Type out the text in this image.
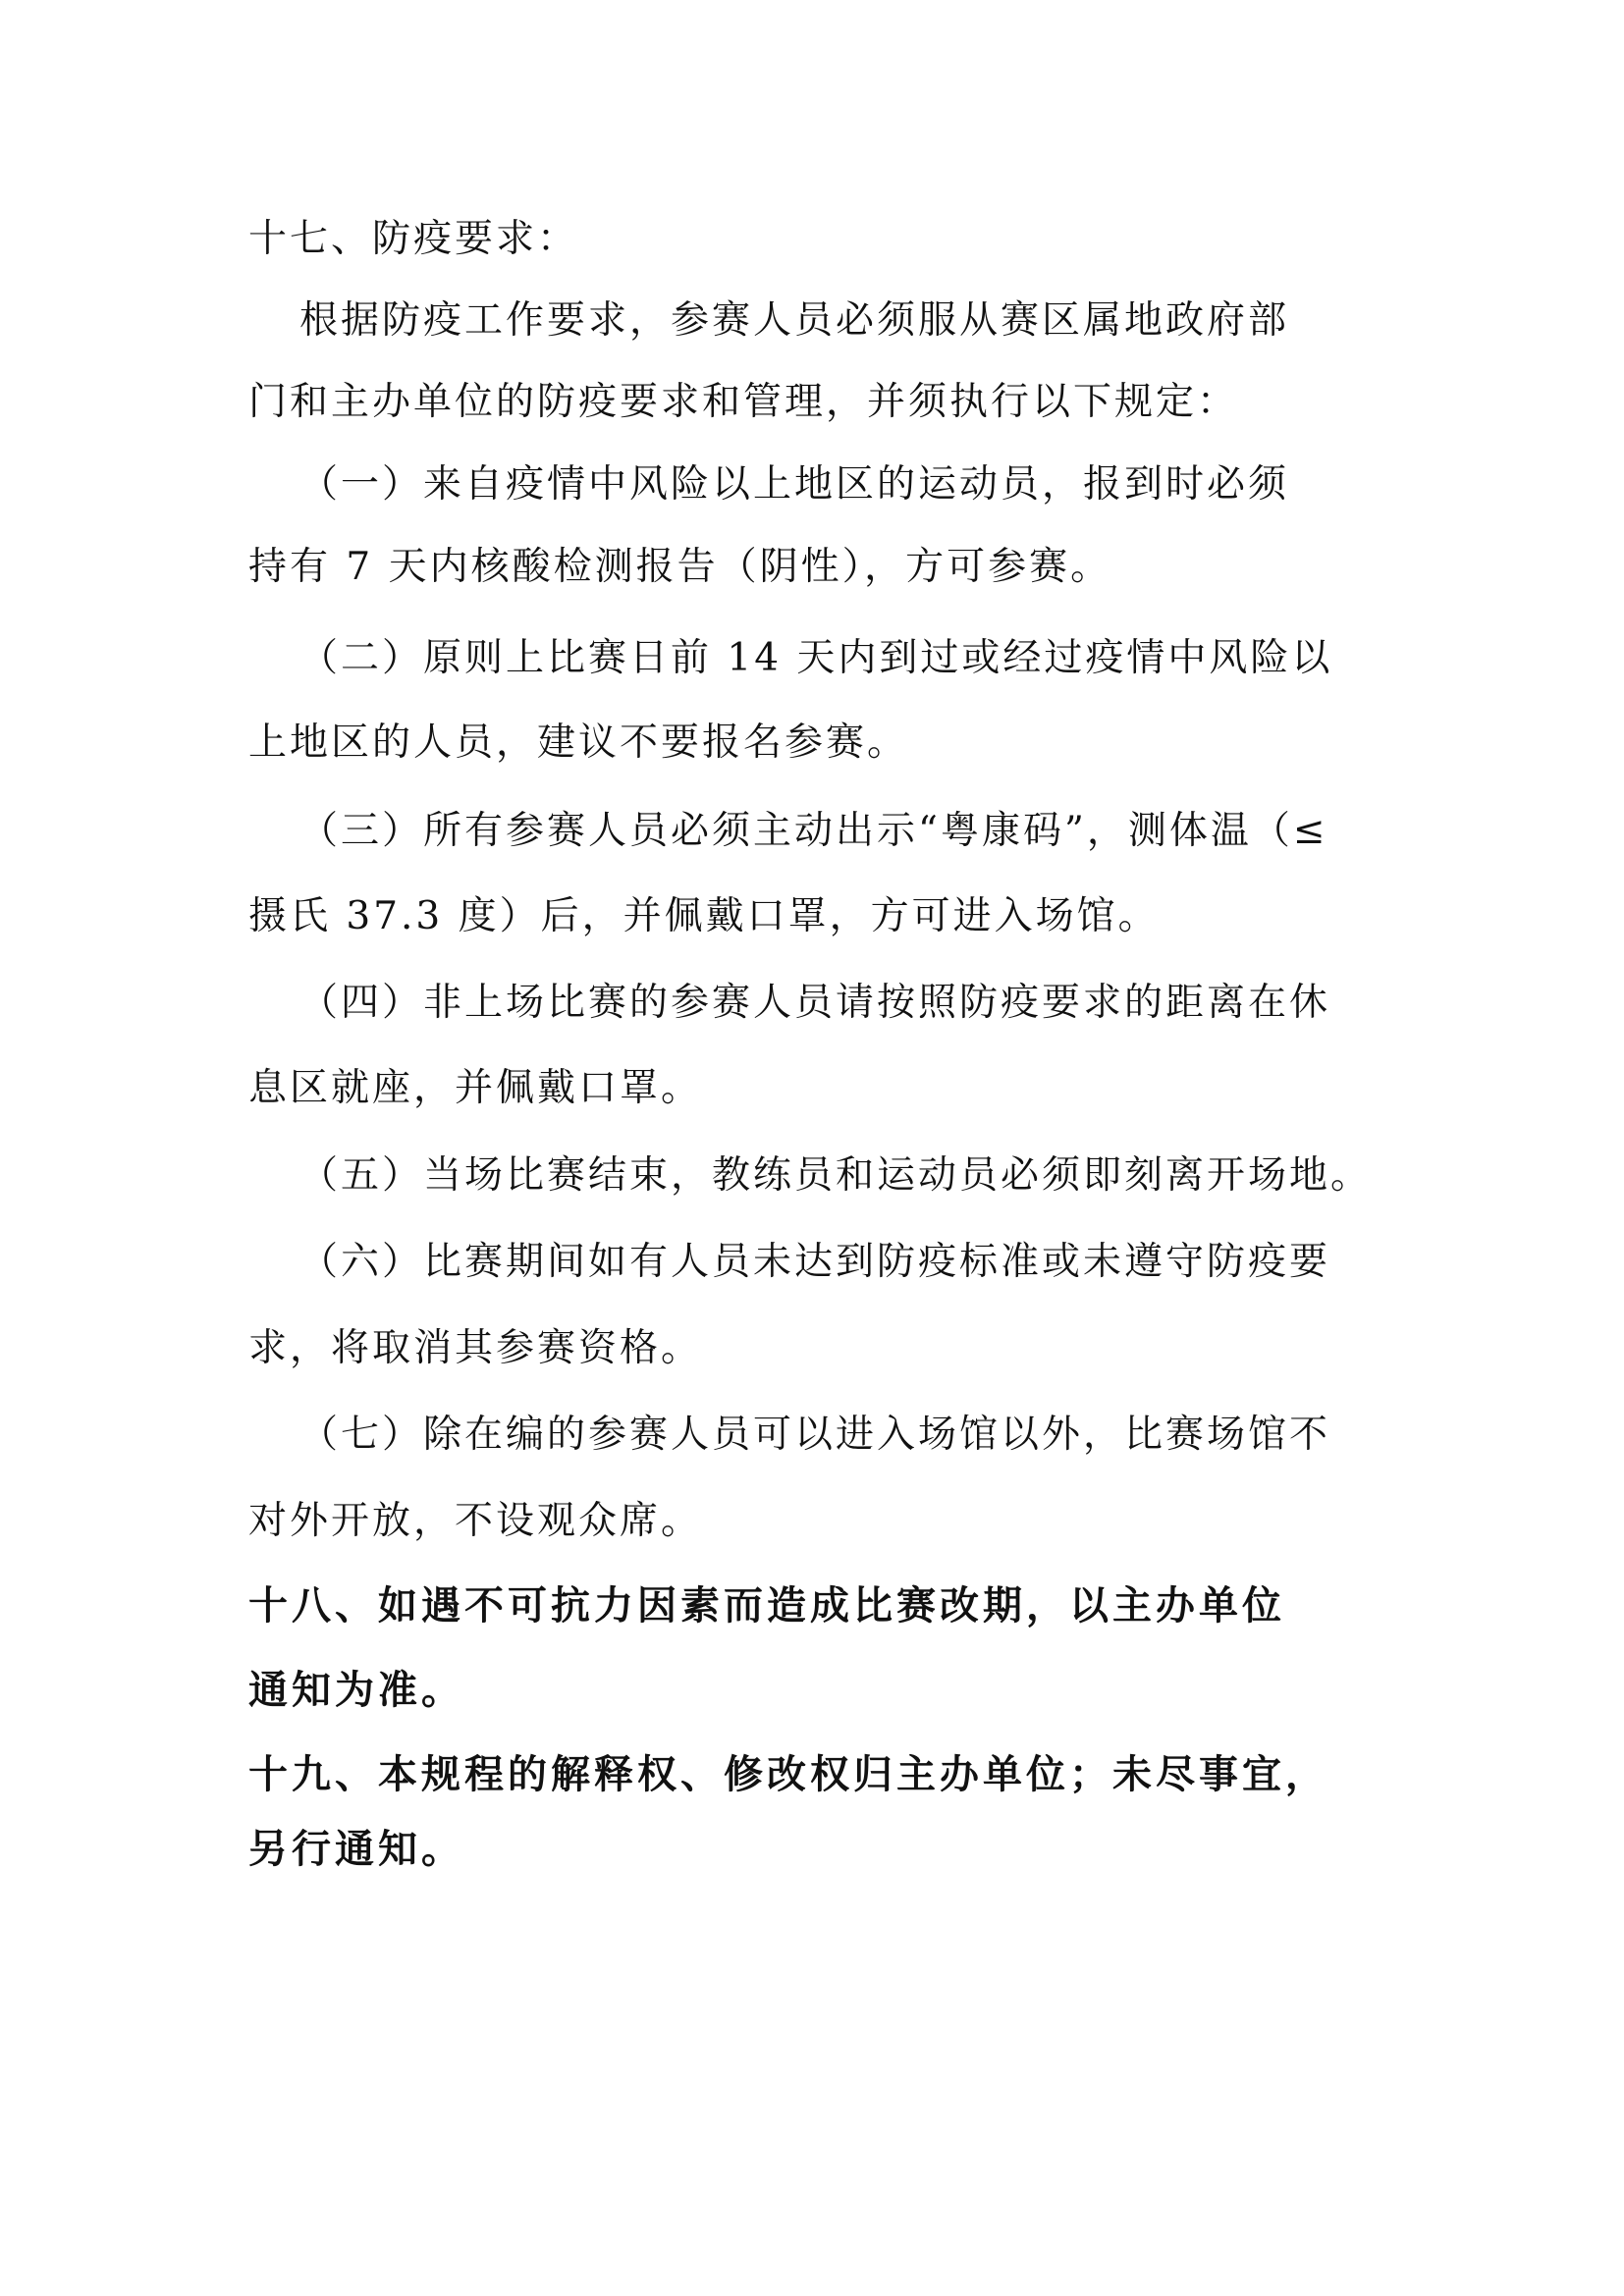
十七、防疫要求：
根据防疫工作要求，参赛人员必须服从赛区属地政府部
门和主办单位的防疫要求和管理，并须执行以下规定：
（一）来自疫情中风险以上地区的运动员，报到时必须
持有 7 天内核酸检测报告（阴性），方可参赛。
（二）原则上比赛日前 14 天内到过或经过疫情中风险以
上地区的人员，建议不要报名参赛。
（三）所有参赛人员必须主动出示“粤康码”，测体温（≤
摄氏 37.3 度）后，并佩戴口罩，方可进入场馆。
（四）非上场比赛的参赛人员请按照防疫要求的距离在休
息区就座，并佩戴口罩。
（五）当场比赛结束，教练员和运动员必须即刻离开场地。
（六）比赛期间如有人员未达到防疫标准或未遵守防疫要
求，将取消其参赛资格。
（七）除在编的参赛人员可以进入场馆以外，比赛场馆不
对外开放，不设观众席。
十八、如遇不可抗力因素而造成比赛改期，以主办单位
通知为准。
十九、本规程的解释权、修改权归主办单位；未尽事宜，
另行通知。
